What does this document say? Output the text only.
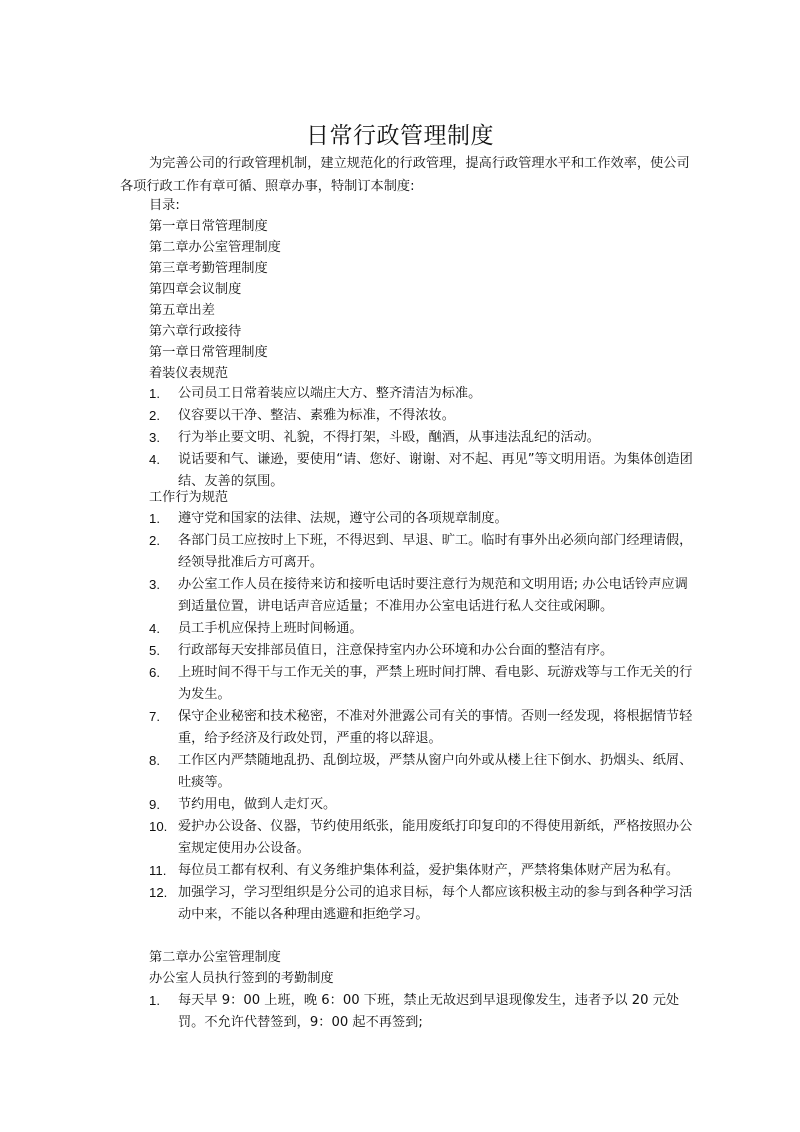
日常行政管理制度
为完善公司的行政管理机制，建立规范化的行政管理，提高行政管理水平和工作效率，使公司各项行政工作有章可循、照章办事，特制订本制度:
目录:
第一章日常管理制度
第二章办公室管理制度
第三章考勤管理制度
第四章会议制度
第五章出差
第六章行政接待
第一章日常管理制度
着装仪表规范
1. 公司员工日常着装应以端庄大方、整齐清洁为标准。
2. 仪容要以干净、整洁、素雅为标准，不得浓妆。
3. 行为举止要文明、礼貌，不得打架，斗殴，酗酒，从事违法乱纪的活动。
4. 说话要和气、谦逊，要使用“请、您好、谢谢、对不起、再见”等文明用语。为集体创造团结、友善的氛围。
工作行为规范
1. 遵守党和国家的法律、法规，遵守公司的各项规章制度。
2. 各部门员工应按时上下班，不得迟到、早退、旷工。临时有事外出必须向部门经理请假，经领导批准后方可离开。
3. 办公室工作人员在接待来访和接听电话时要注意行为规范和文明用语; 办公电话铃声应调到适量位置，讲电话声音应适量；不准用办公室电话进行私人交往或闲聊。
4. 员工手机应保持上班时间畅通。
5. 行政部每天安排部员值日，注意保持室内办公环境和办公台面的整洁有序。
6. 上班时间不得干与工作无关的事，严禁上班时间打牌、看电影、玩游戏等与工作无关的行为发生。
7. 保守企业秘密和技术秘密，不准对外泄露公司有关的事情。否则一经发现，将根据情节轻重，给予经济及行政处罚，严重的将以辞退。
8. 工作区内严禁随地乱扔、乱倒垃圾，严禁从窗户向外或从楼上往下倒水、扔烟头、纸屑、吐痰等。
9. 节约用电，做到人走灯灭。
10. 爱护办公设备、仪器，节约使用纸张，能用废纸打印复印的不得使用新纸，严格按照办公室规定使用办公设备。
11. 每位员工都有权利、有义务维护集体利益，爱护集体财产，严禁将集体财产居为私有。
12. 加强学习，学习型组织是分公司的追求目标，每个人都应该积极主动的参与到各种学习活动中来，不能以各种理由逃避和拒绝学习。
第二章办公室管理制度
办公室人员执行签到的考勤制度
1. 每天早 9：00 上班，晚 6：00 下班，禁止无故迟到早退现像发生，违者予以 20 元处罚。不允许代替签到，9：00 起不再签到;
